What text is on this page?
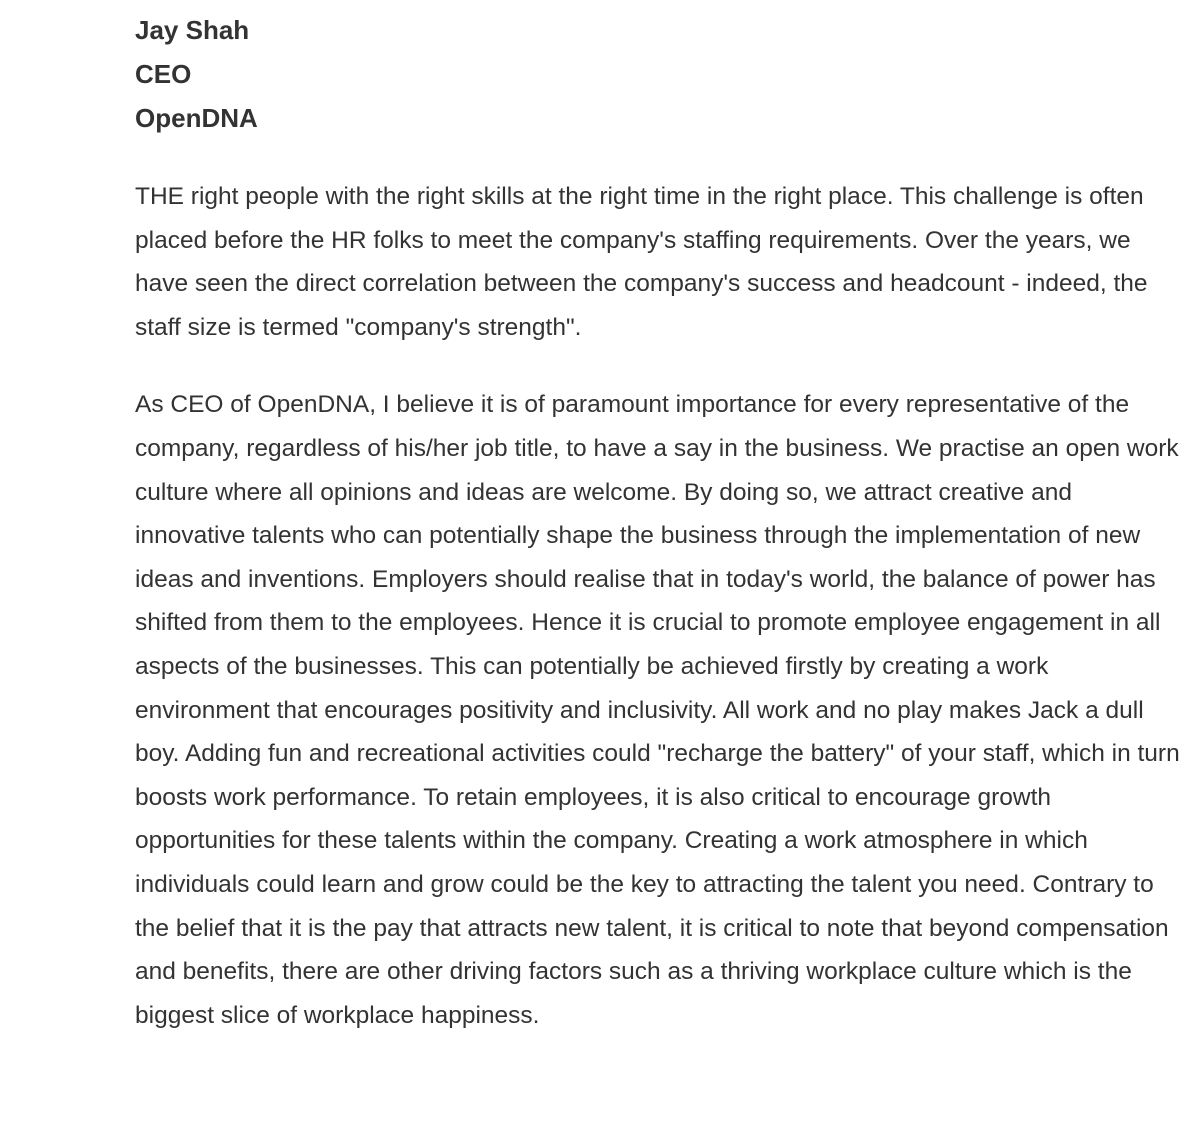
Jay Shah
CEO
OpenDNA

THE right people with the right skills at the right time in the right place. This challenge is often placed before the HR folks to meet the company's staffing requirements. Over the years, we have seen the direct correlation between the company's success and headcount - indeed, the staff size is termed "company's strength".

As CEO of OpenDNA, I believe it is of paramount importance for every representative of the company, regardless of his/her job title, to have a say in the business. We practise an open work culture where all opinions and ideas are welcome. By doing so, we attract creative and innovative talents who can potentially shape the business through the implementation of new ideas and inventions. Employers should realise that in today's world, the balance of power has shifted from them to the employees. Hence it is crucial to promote employee engagement in all aspects of the businesses. This can potentially be achieved firstly by creating a work environment that encourages positivity and inclusivity. All work and no play makes Jack a dull boy. Adding fun and recreational activities could "recharge the battery" of your staff, which in turn boosts work performance. To retain employees, it is also critical to encourage growth opportunities for these talents within the company. Creating a work atmosphere in which individuals could learn and grow could be the key to attracting the talent you need. Contrary to the belief that it is the pay that attracts new talent, it is critical to note that beyond compensation and benefits, there are other driving factors such as a thriving workplace culture which is the biggest slice of workplace happiness.
